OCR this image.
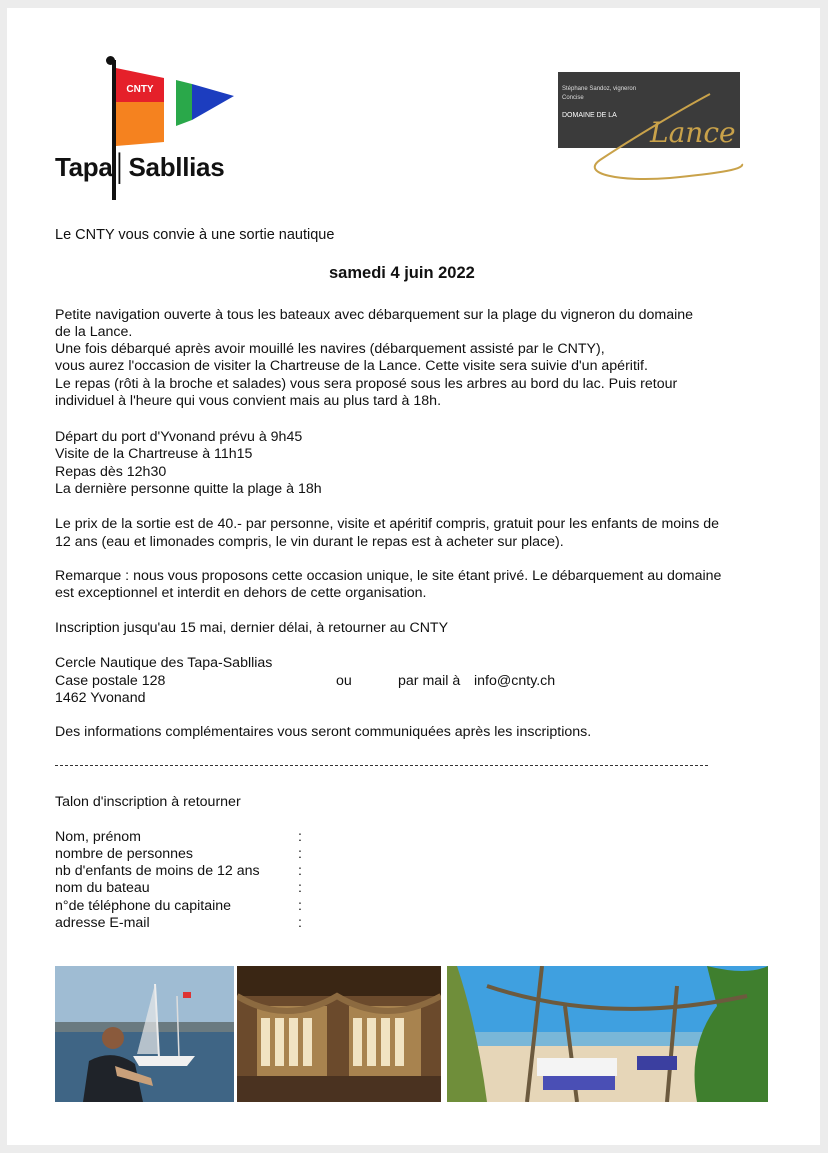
CNTY
Tapa│Sabllias
Stéphane Sandoz, vigneron
Concise
DOMAINE DE LA
Lance
Le CNTY vous convie à une sortie nautique
samedi 4 juin 2022
Petite navigation ouverte à tous les bateaux avec débarquement sur la plage du vigneron du domaine
de la Lance.
Une fois débarqué après avoir mouillé les navires (débarquement assisté par le CNTY),
vous aurez l'occasion de visiter la Chartreuse de la Lance. Cette visite sera suivie d'un apéritif.
Le repas (rôti à la broche et salades) vous sera proposé sous les arbres au bord du lac. Puis retour
individuel à l'heure qui vous convient mais au plus tard à 18h.
Départ du port d'Yvonand prévu à 9h45
Visite de la Chartreuse à 11h15
Repas dès 12h30
La dernière personne quitte la plage à 18h
Le prix de la sortie est de 40.- par personne, visite et apéritif compris, gratuit pour les enfants de moins de
12 ans (eau et limonades compris, le vin durant le repas est à acheter sur place).
Remarque : nous vous proposons cette occasion unique, le site étant privé. Le débarquement au domaine
est exceptionnel et interdit en dehors de cette organisation.
Inscription jusqu'au 15 mai, dernier délai, à retourner au CNTY
Cercle Nautique des Tapa-Sabllias
Case postale 128
1462 Yvonand
ou	par mail à info@cnty.ch
Des informations complémentaires vous seront communiquées après les inscriptions.
Talon d'inscription à retourner
Nom, prénom	:
nombre de personnes	:
nb d'enfants de moins de 12 ans	:
nom du bateau	:
n°de téléphone du capitaine	:
adresse E-mail	:
